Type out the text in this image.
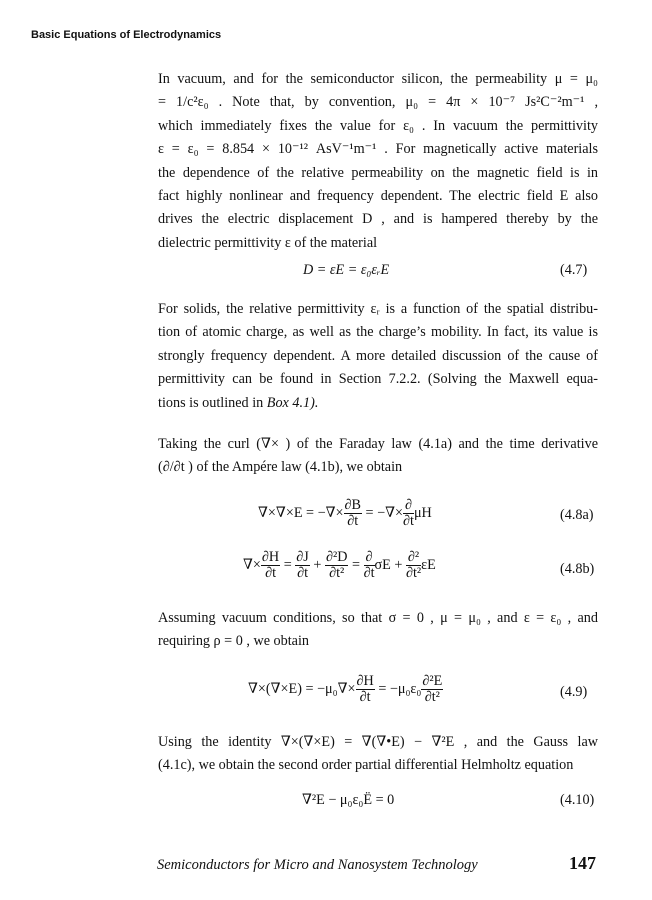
Basic Equations of Electrodynamics
In vacuum, and for the semiconductor silicon, the permeability μ = μ₀
= 1/c²ε₀ . Note that, by convention, μ₀ = 4π × 10⁻⁷ Js²C⁻²m⁻¹ ,
which immediately fixes the value for ε₀ . In vacuum the permittivity
ε = ε₀ = 8.854 × 10⁻¹² AsV⁻¹m⁻¹ . For magnetically active materials
the dependence of the relative permeability on the magnetic field is in
fact highly nonlinear and frequency dependent. The electric field E also
drives the electric displacement D , and is hampered thereby by the
dielectric permittivity ε of the material
D = εE = ε₀εᵣE	(4.7)
For solids, the relative permittivity εᵣ is a function of the spatial distribu-
tion of atomic charge, as well as the charge’s mobility. In fact, its value is
strongly frequency dependent. A more detailed discussion of the cause of
permittivity can be found in Section 7.2.2. (Solving the Maxwell equa-
tions is outlined in Box 4.1).
Taking the curl (∇× ) of the Faraday law (4.1a) and the time derivative
(∂/∂t ) of the Ampére law (4.1b), we obtain
∇×∇×E = −∇× $\frac{\partial B}{\partial t}$ = −∇× $\frac{\partial}{\partial t}$ μH	(4.8a)
∇× $\frac{\partial H}{\partial t} = \frac{\partial J}{\partial t} + \frac{\text{∂²D}}{\text{∂t²}} = \frac{\partial}{\partial t}$ $\sigma E + \frac{\text{∂²}}{\text{∂t²}}$ εE	(4.8b)
Assuming vacuum conditions, so that σ = 0 , μ = μ₀ , and ε = ε₀ , and
requiring ρ = 0 , we obtain
$\nabla\times(\nabla\times E) = -\mu_0\nabla\times \frac{\partial H}{\partial t} = -\mu_0\varepsilon_0 \frac{\text{∂²E}}{\text{∂t²}}$	(4.9)
Using the identity ∇×(∇×E) = ∇(∇•E) − ∇²E , and the Gauss law
(4.1c), we obtain the second order partial differential Helmholtz equation
∇²E − μ₀ε₀Ë = 0	(4.10)
Semiconductors for Micro and Nanosystem Technology	147
